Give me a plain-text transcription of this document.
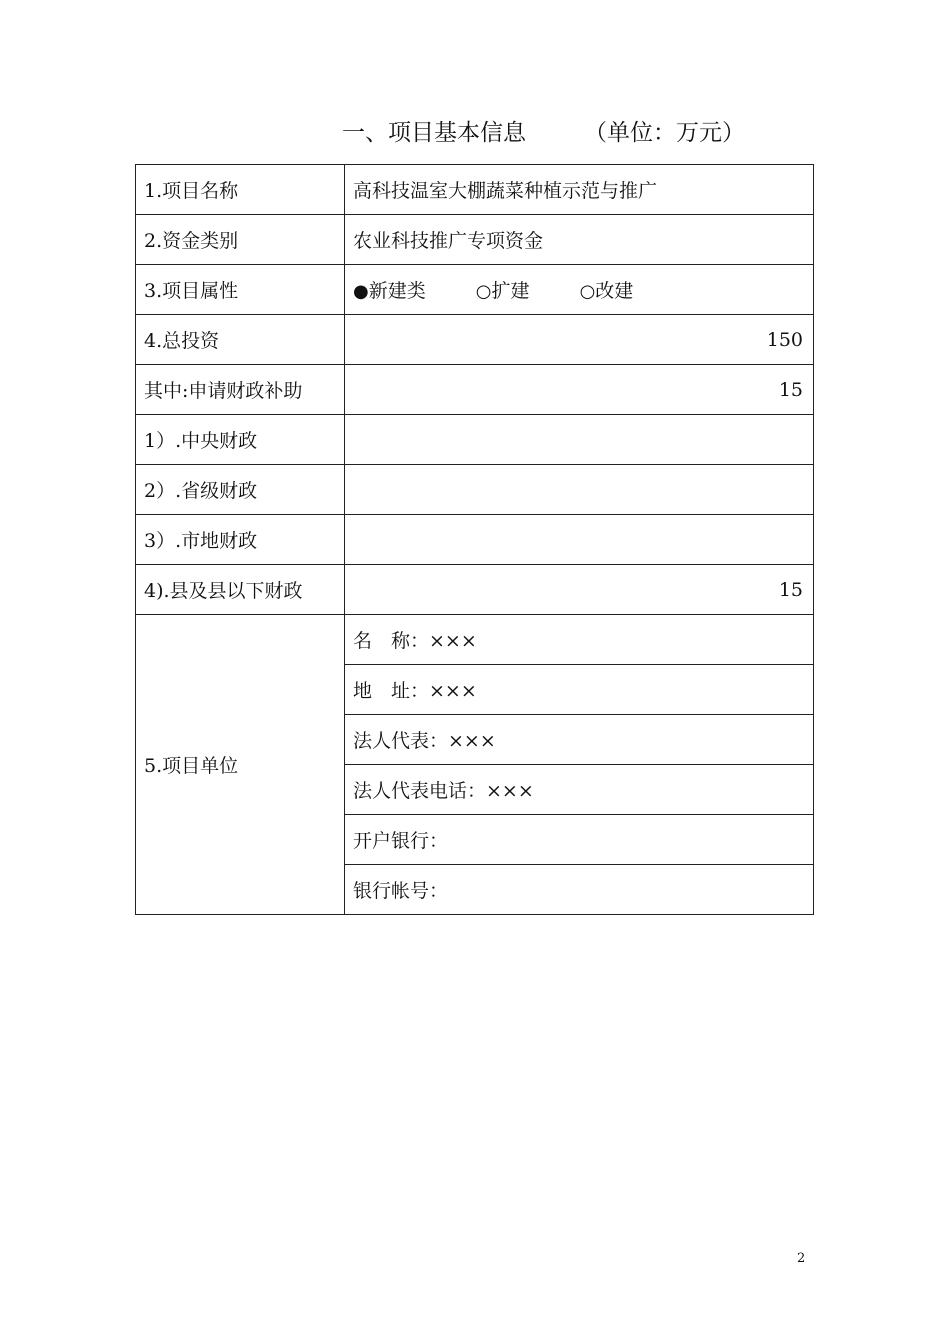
一、项目基本信息	（单位：万元）
1.项目名称	高科技温室大棚蔬菜种植示范与推广
2.资金类别	农业科技推广专项资金
3.项目属性	●新建类 ○扩建 ○改建
4.总投资	150
其中:申请财政补助	15
1）.中央财政	
2）.省级财政	
3）.市地财政	
4).县及县以下财政	15
5.项目单位	名　称：×××
	地　址：×××
	法人代表：×××
	法人代表电话：×××
	开户银行：
	银行帐号：
2
